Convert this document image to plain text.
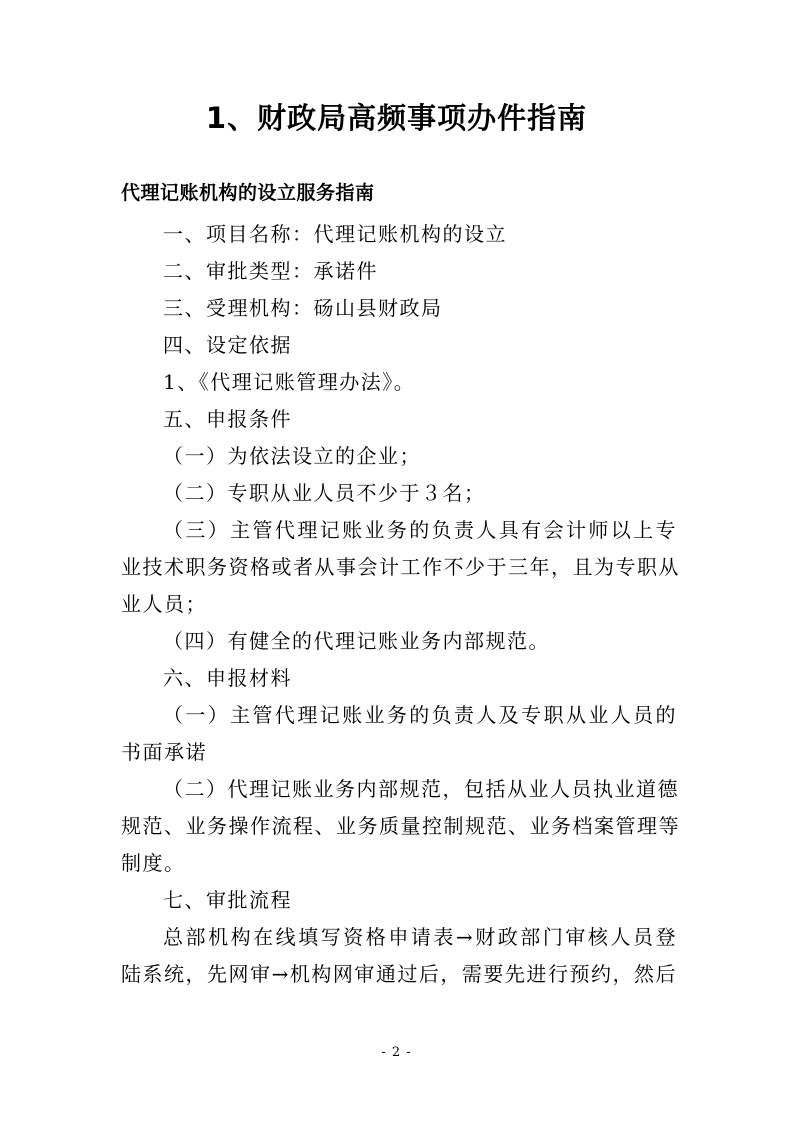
1、财政局高频事项办件指南
代理记账机构的设立服务指南
一、项目名称：代理记账机构的设立
二、审批类型：承诺件
三、受理机构：砀山县财政局
四、设定依据
1、《代理记账管理办法》。
五、申报条件
（一）为依法设立的企业；
（二）专职从业人员不少于３名；
（三）主管代理记账业务的负责人具有会计师以上专
业技术职务资格或者从事会计工作不少于三年，且为专职从
业人员；
（四）有健全的代理记账业务内部规范。
六、申报材料
（一）主管代理记账业务的负责人及专职从业人员的
书面承诺
（二）代理记账业务内部规范，包括从业人员执业道德
规范、业务操作流程、业务质量控制规范、业务档案管理等
制度。
七、审批流程
总部机构在线填写资格申请表→财政部门审核人员登
陆系统，先网审→机构网审通过后，需要先进行预约，然后
- 2 -
